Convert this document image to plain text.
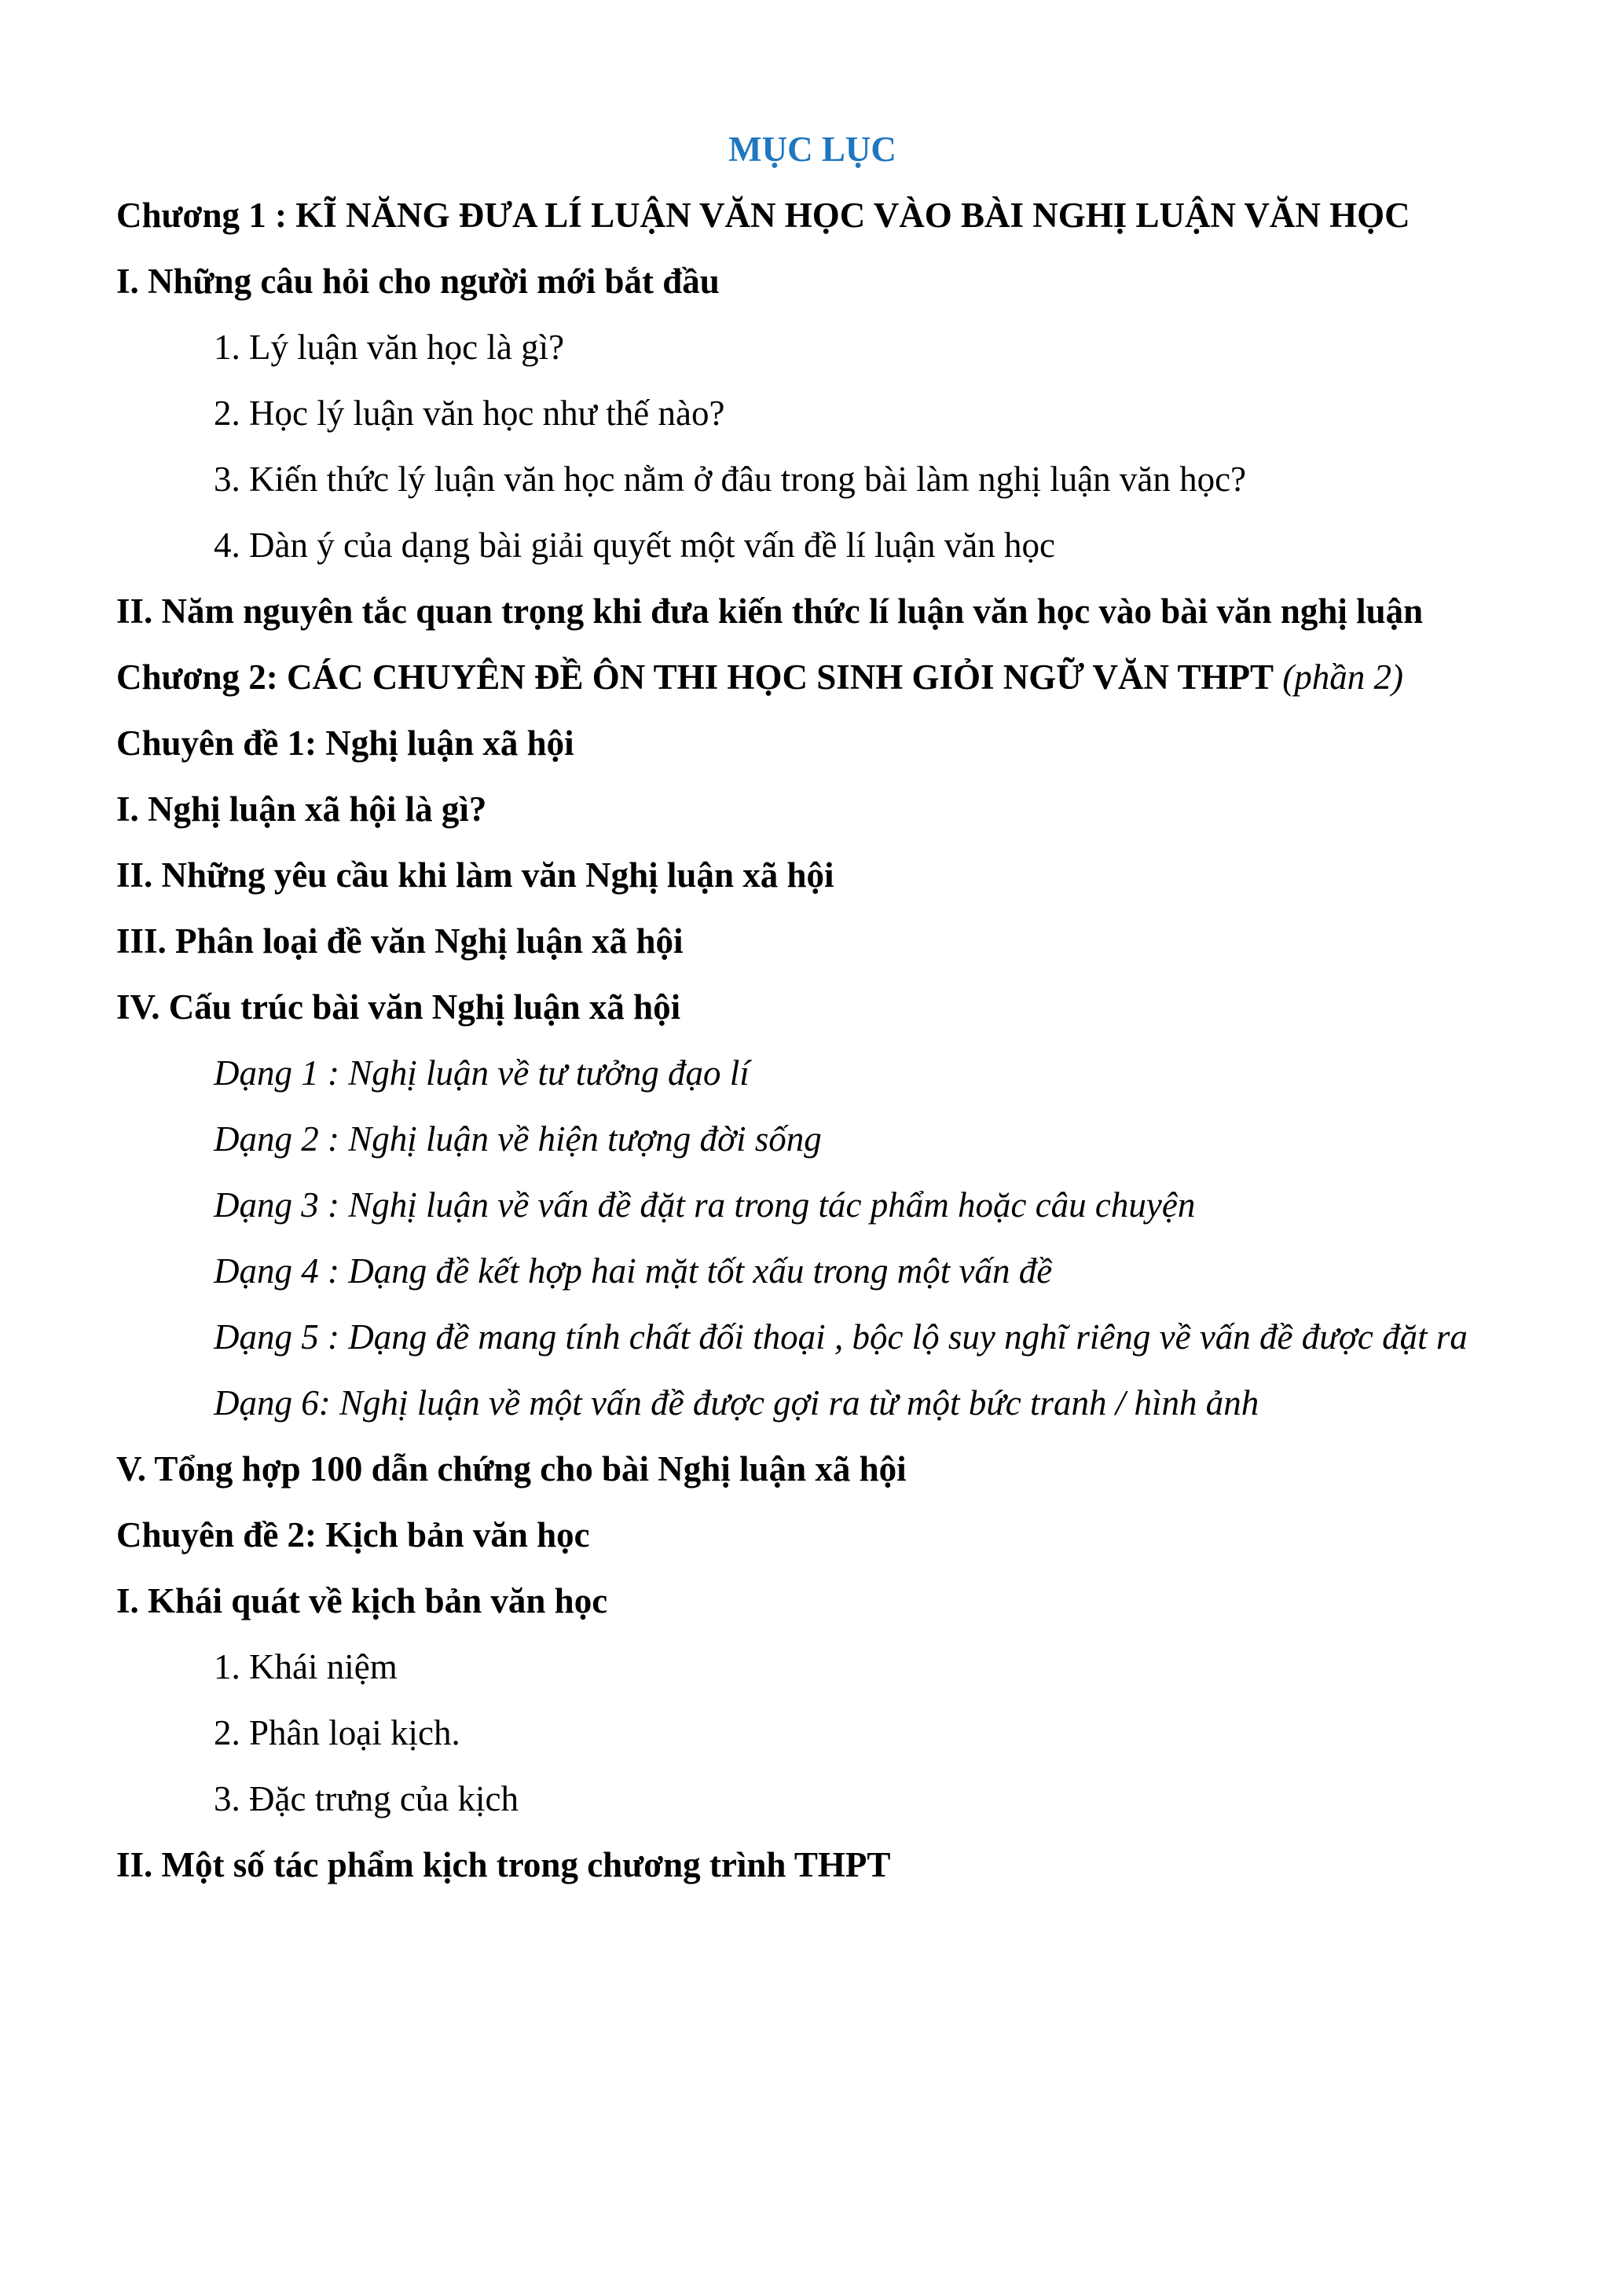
MỤC LỤC

Chương 1 : KĨ NĂNG ĐƯA LÍ LUẬN VĂN HỌC VÀO BÀI NGHỊ LUẬN VĂN HỌC

I. Những câu hỏi cho người mới bắt đầu

1. Lý luận văn học là gì?

2. Học lý luận văn học như thế nào?

3. Kiến thức lý luận văn học nằm ở đâu trong bài làm nghị luận văn học?

4. Dàn ý của dạng bài giải quyết một vấn đề lí luận văn học

II. Năm nguyên tắc quan trọng khi đưa kiến thức lí luận văn học vào bài văn nghị luận

Chương 2: CÁC CHUYÊN ĐỀ ÔN THI HỌC SINH GIỎI NGỮ VĂN THPT (phần 2)

Chuyên đề 1: Nghị luận xã hội

I. Nghị luận xã hội là gì?

II. Những yêu cầu khi làm văn Nghị luận xã hội

III. Phân loại đề văn Nghị luận xã hội

IV. Cấu trúc bài văn Nghị luận xã hội

Dạng 1 : Nghị luận về tư tưởng đạo lí

Dạng 2 : Nghị luận về hiện tượng đời sống

Dạng 3 : Nghị luận về vấn đề đặt ra trong tác phẩm hoặc câu chuyện

Dạng 4 : Dạng đề kết hợp hai mặt tốt xấu trong một vấn đề

Dạng 5 : Dạng đề mang tính chất đối thoại , bộc lộ suy nghĩ riêng về vấn đề được đặt ra

Dạng 6: Nghị luận về một vấn đề được gợi ra từ một bức tranh / hình ảnh

V. Tổng hợp 100 dẫn chứng cho bài Nghị luận xã hội

Chuyên đề 2: Kịch bản văn học

I. Khái quát về kịch bản văn học

1. Khái niệm

2. Phân loại kịch.

3. Đặc trưng của kịch

II. Một số tác phẩm kịch trong chương trình THPT
